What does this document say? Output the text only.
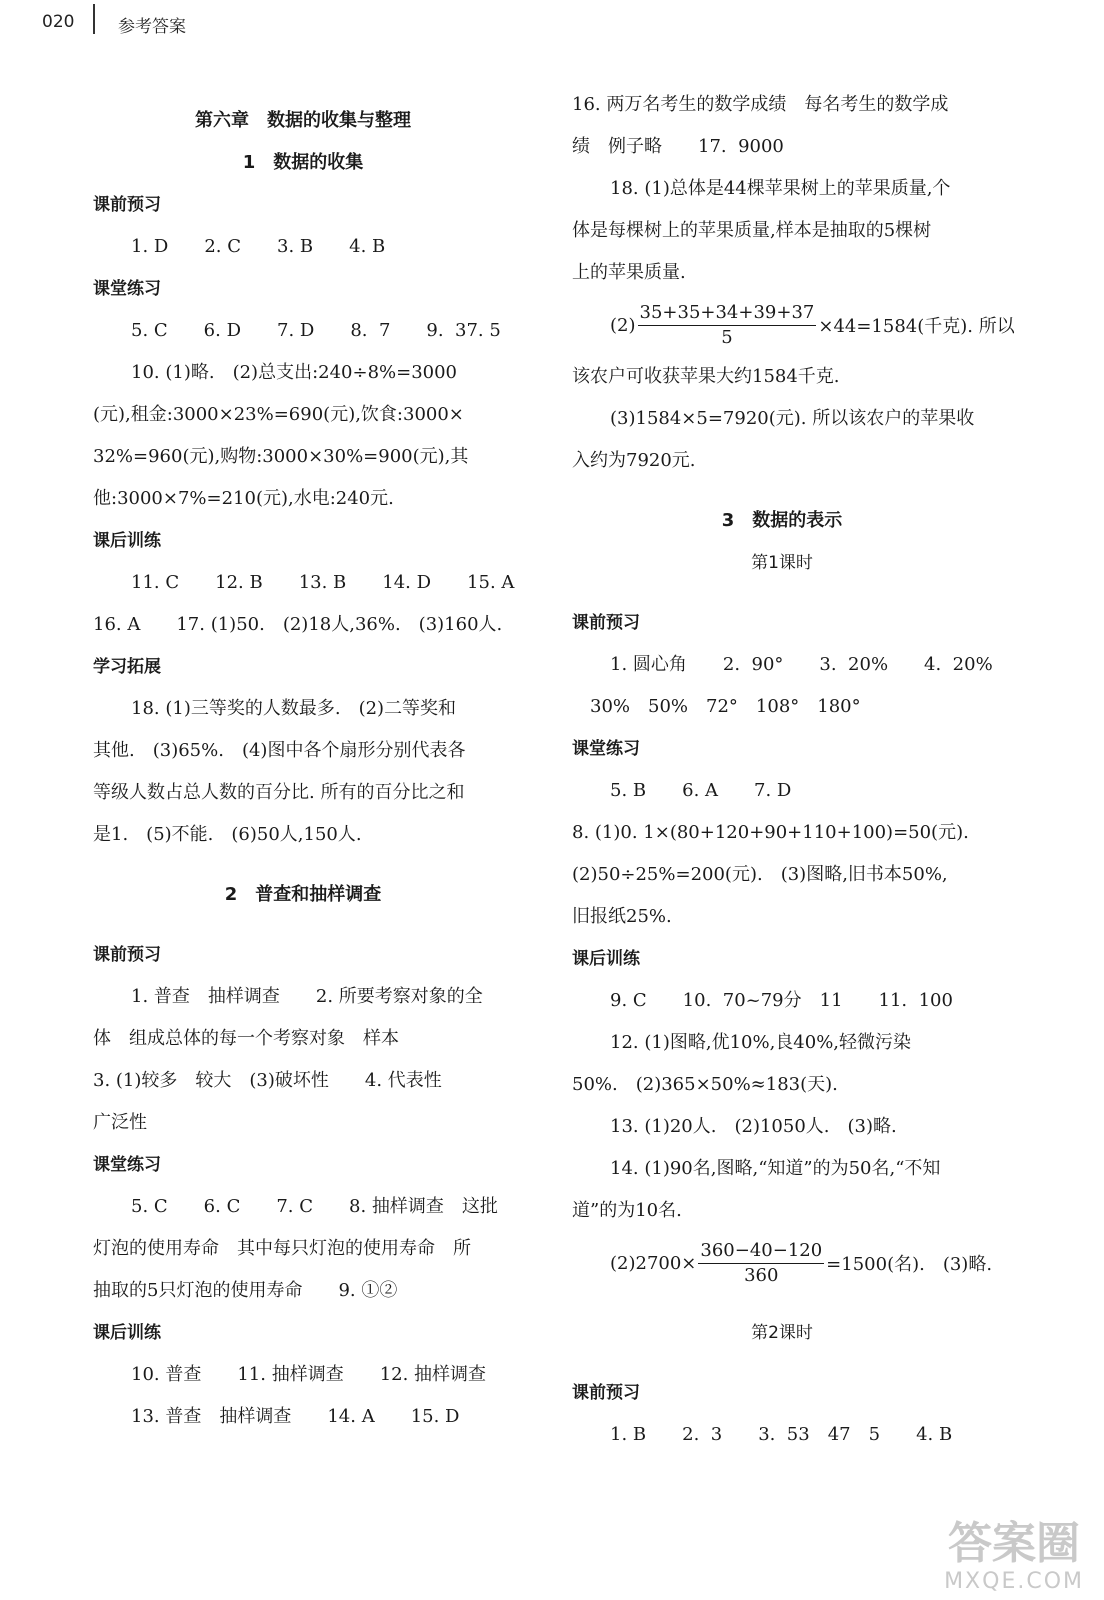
020	参考答案
第六章　数据的收集与整理
1　数据的收集
课前预习
1. D　　2. C　　3. B　　4. B
课堂练习
5. C　　6. D　　7. D　　8.  7　　9.  37. 5
10. (1)略.　(2)总支出:240÷8%=3000
(元),租金:3000×23%=690(元),饮食:3000×
32%=960(元),购物:3000×30%=900(元),其
他:3000×7%=210(元),水电:240元.
课后训练
11. C　　12. B　　13. B　　14. D　　15. A
16. A　　17. (1)50.　(2)18人,36%.　(3)160人.
学习拓展
18. (1)三等奖的人数最多.　(2)二等奖和
其他.　(3)65%.　(4)图中各个扇形分别代表各
等级人数占总人数的百分比. 所有的百分比之和
是1.　(5)不能.　(6)50人,150人.
2　普查和抽样调查
课前预习
1. 普查　抽样调查　　2. 所要考察对象的全
体　组成总体的每一个考察对象　样本
3. (1)较多　较大　(3)破坏性　　4. 代表性
广泛性
课堂练习
5. C　　6. C　　7. C　　8. 抽样调查　这批
灯泡的使用寿命　其中每只灯泡的使用寿命　所
抽取的5只灯泡的使用寿命　　9. ①②
课后训练
10. 普查　　11. 抽样调查　　12. 抽样调查
13. 普查　抽样调查　　14. A　　15. D
16. 两万名考生的数学成绩　每名考生的数学成
绩　例子略　　17.  9000
18. (1)总体是44棵苹果树上的苹果质量,个
体是每棵树上的苹果质量,样本是抽取的5棵树
上的苹果质量.
$(2) \frac{35+35+34+39+37}{5} \times 44=1584$(千克). 所以
该农户可收获苹果大约1584千克.
(3)1584×5=7920(元). 所以该农户的苹果收
入约为7920元.
3　数据的表示
第1课时
课前预习
1. 圆心角　　2.  90°　　3.  20%　　4.  20%
30%　50%　72°　108°　180°
课堂练习
5. B　　6. A　　7. D
8. (1)0. 1×(80+120+90+110+100)=50(元).
(2)50÷25%=200(元).　(3)图略,旧书本50%,
旧报纸25%.
课后训练
9. C　　10.  70~79分　11　　11.  100
12. (1)图略,优10%,良40%,轻微污染
50%.　(2)365×50%≈183(天).
13. (1)20人.　(2)1050人.　(3)略.
14. (1)90名,图略,“知道”的为50名,“不知
道”的为10名.
$(2)2700\times \frac{360-40-120}{360} =1500$(名).　(3)略.
第2课时
课前预习
1. B　　2.  3　　3.  53　47　5　　4. B
答案圈
MXQE.COM
